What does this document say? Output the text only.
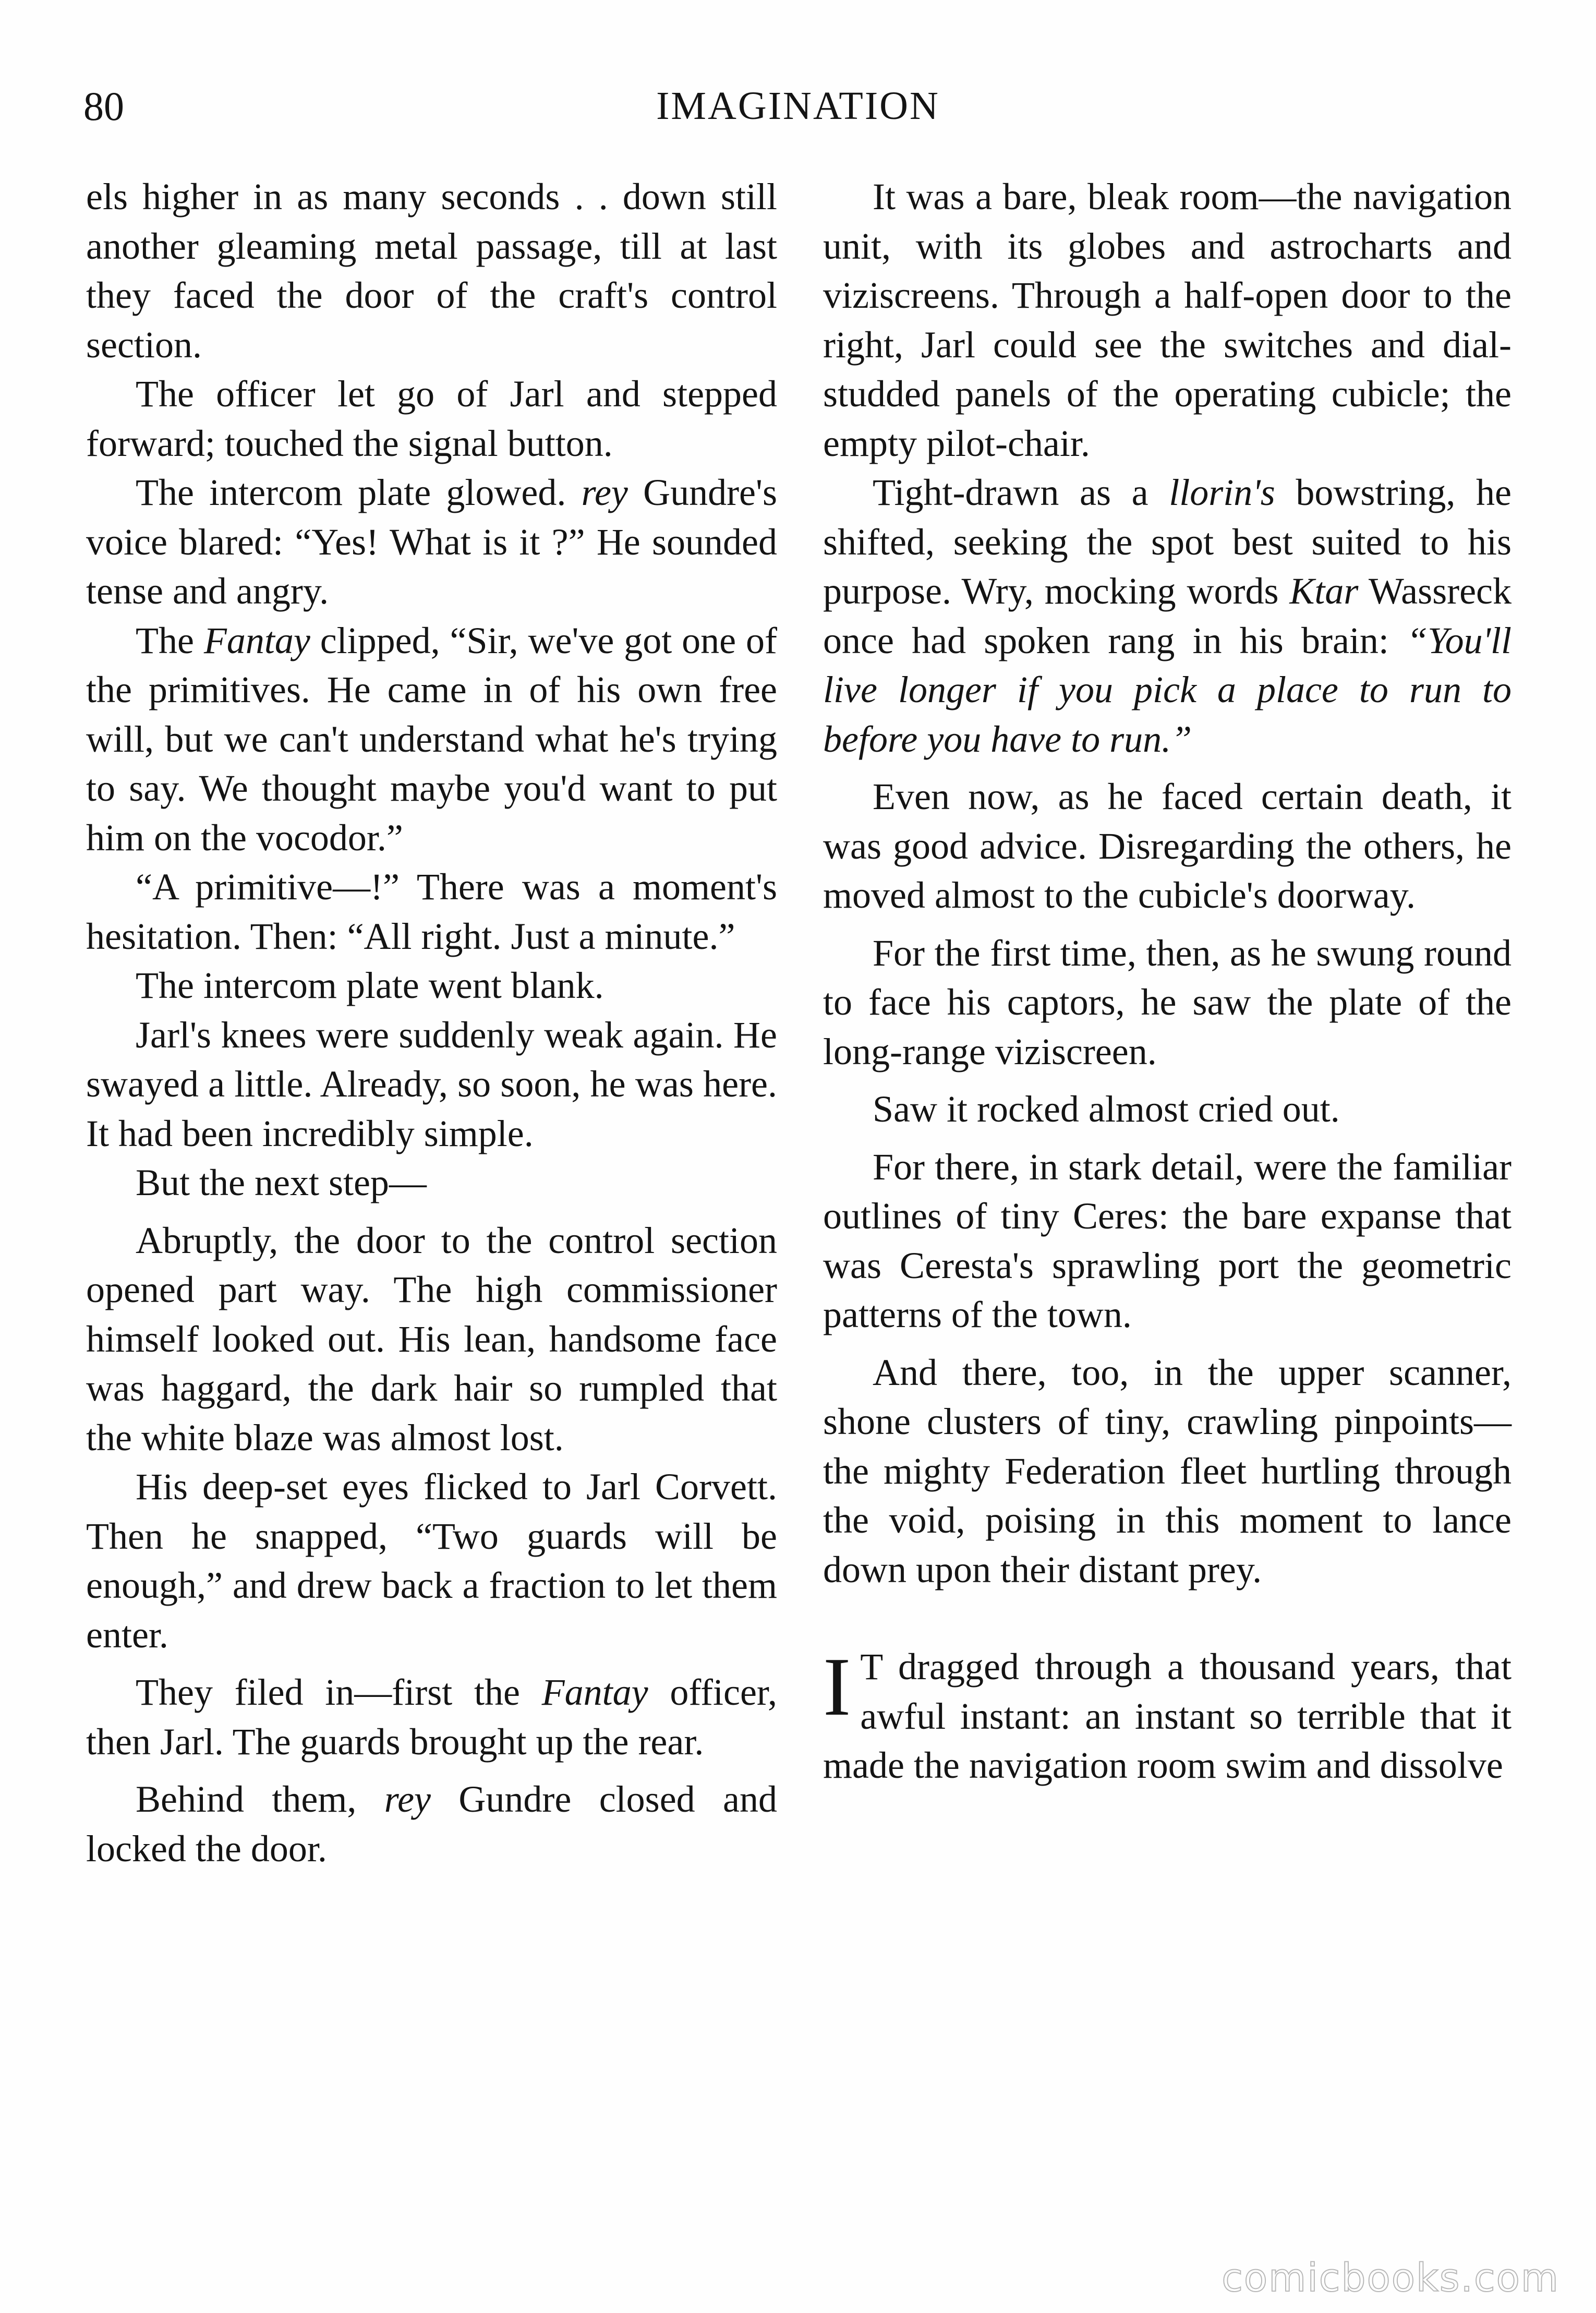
80	IMAGINATION

els higher in as many seconds . . down still another gleaming metal passage, till at last they faced the door of the craft's control section.

The officer let go of Jarl and stepped forward; touched the signal button.

The intercom plate glowed. rey Gundre's voice blared: “Yes! What is it ?” He sounded tense and angry.

The Fantay clipped, “Sir, we've got one of the primitives. He came in of his own free will, but we can't understand what he's trying to say. We thought maybe you'd want to put him on the vocodor.”

“A primitive—!” There was a moment's hesitation. Then: “All right. Just a minute.”

The intercom plate went blank.

Jarl's knees were suddenly weak again. He swayed a little. Already, so soon, he was here. It had been incredibly simple.

But the next step—

Abruptly, the door to the control section opened part way. The high commissioner himself looked out. His lean, handsome face was haggard, the dark hair so rumpled that the white blaze was almost lost.

His deep-set eyes flicked to Jarl Corvett. Then he snapped, “Two guards will be enough,” and drew back a fraction to let them enter.

They filed in—first the Fantay officer, then Jarl. The guards brought up the rear.

Behind them, rey Gundre closed and locked the door.

It was a bare, bleak room—the navigation unit, with its globes and astrocharts and viziscreens. Through a half-open door to the right, Jarl could see the switches and dial-studded panels of the operating cubicle; the empty pilot-chair.

Tight-drawn as a llorin's bowstring, he shifted, seeking the spot best suited to his purpose. Wry, mocking words Ktar Wassreck once had spoken rang in his brain: “You'll live longer if you pick a place to run to before you have to run.”

Even now, as he faced certain death, it was good advice. Disregarding the others, he moved almost to the cubicle's doorway.

For the first time, then, as he swung round to face his captors, he saw the plate of the long-range viziscreen.

Saw it rocked almost cried out.

For there, in stark detail, were the familiar outlines of tiny Ceres: the bare expanse that was Ceresta's sprawling port the geometric patterns of the town.

And there, too, in the upper scanner, shone clusters of tiny, crawling pinpoints—the mighty Federation fleet hurtling through the void, poising in this moment to lance down upon their distant prey.

I T dragged through a thousand years, that awful instant: an instant so terrible that it made the navigation room swim and dissolve

comicbooks.com
